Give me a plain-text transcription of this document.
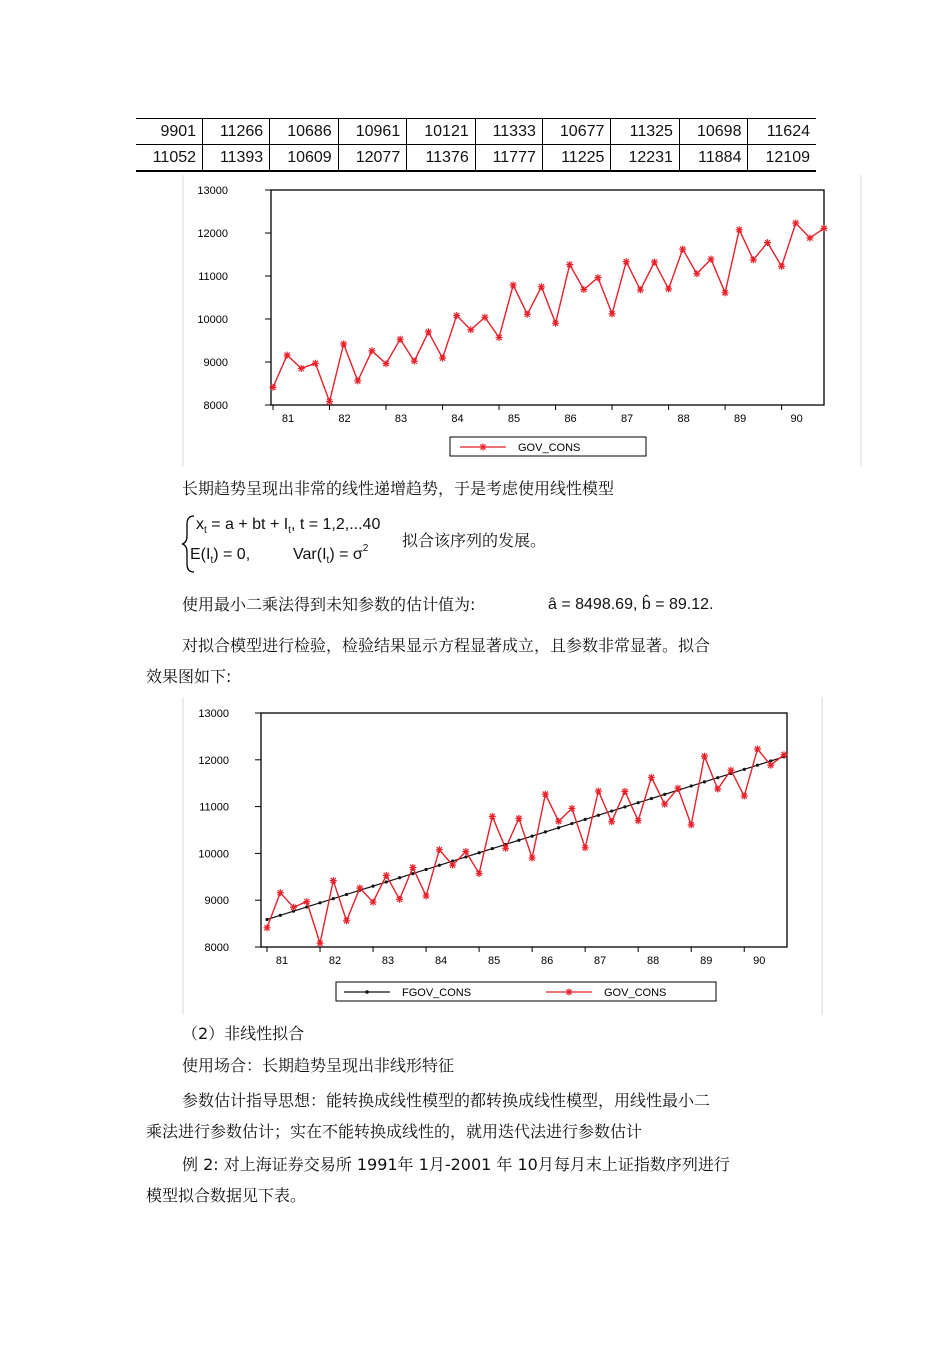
9901	11266	10686	10961	10121	11333	10677	11325	10698	11624
11052	11393	10609	12077	11376	11777	11225	12231	11884	12109
8000
9000
10000
11000
12000
13000
81	82	83	84	85	86	87	88	89	90
GOV_CONS
长期趋势呈现出非常的线性递增趋势，于是考虑使用线性模型
$x_t = a$ + bt + $I_t$, t = 1,2,...40
$E(I_t) = 0$,	$Var(I_t) = \sigma^2$ 拟合该序列的发展。
使用最小二乘法得到未知参数的估计值为:	â = 8498.69, b̂ = 89.12.
对拟合模型进行检验，检验结果显示方程显著成立，且参数非常显著。拟合
效果图如下:
8000
9000
10000
11000
12000
13000
81	82	83	84	85	86	87	88	89	90
FGOV_CONS	GOV_CONS
（2）非线性拟合
使用场合：长期趋势呈现出非线形特征
参数估计指导思想：能转换成线性模型的都转换成线性模型，用线性最小二
乘法进行参数估计；实在不能转换成线性的，就用迭代法进行参数估计
例 2: 对上海证券交易所 1991年 1月-2001 年 10月每月末上证指数序列进行
模型拟合数据见下表。
